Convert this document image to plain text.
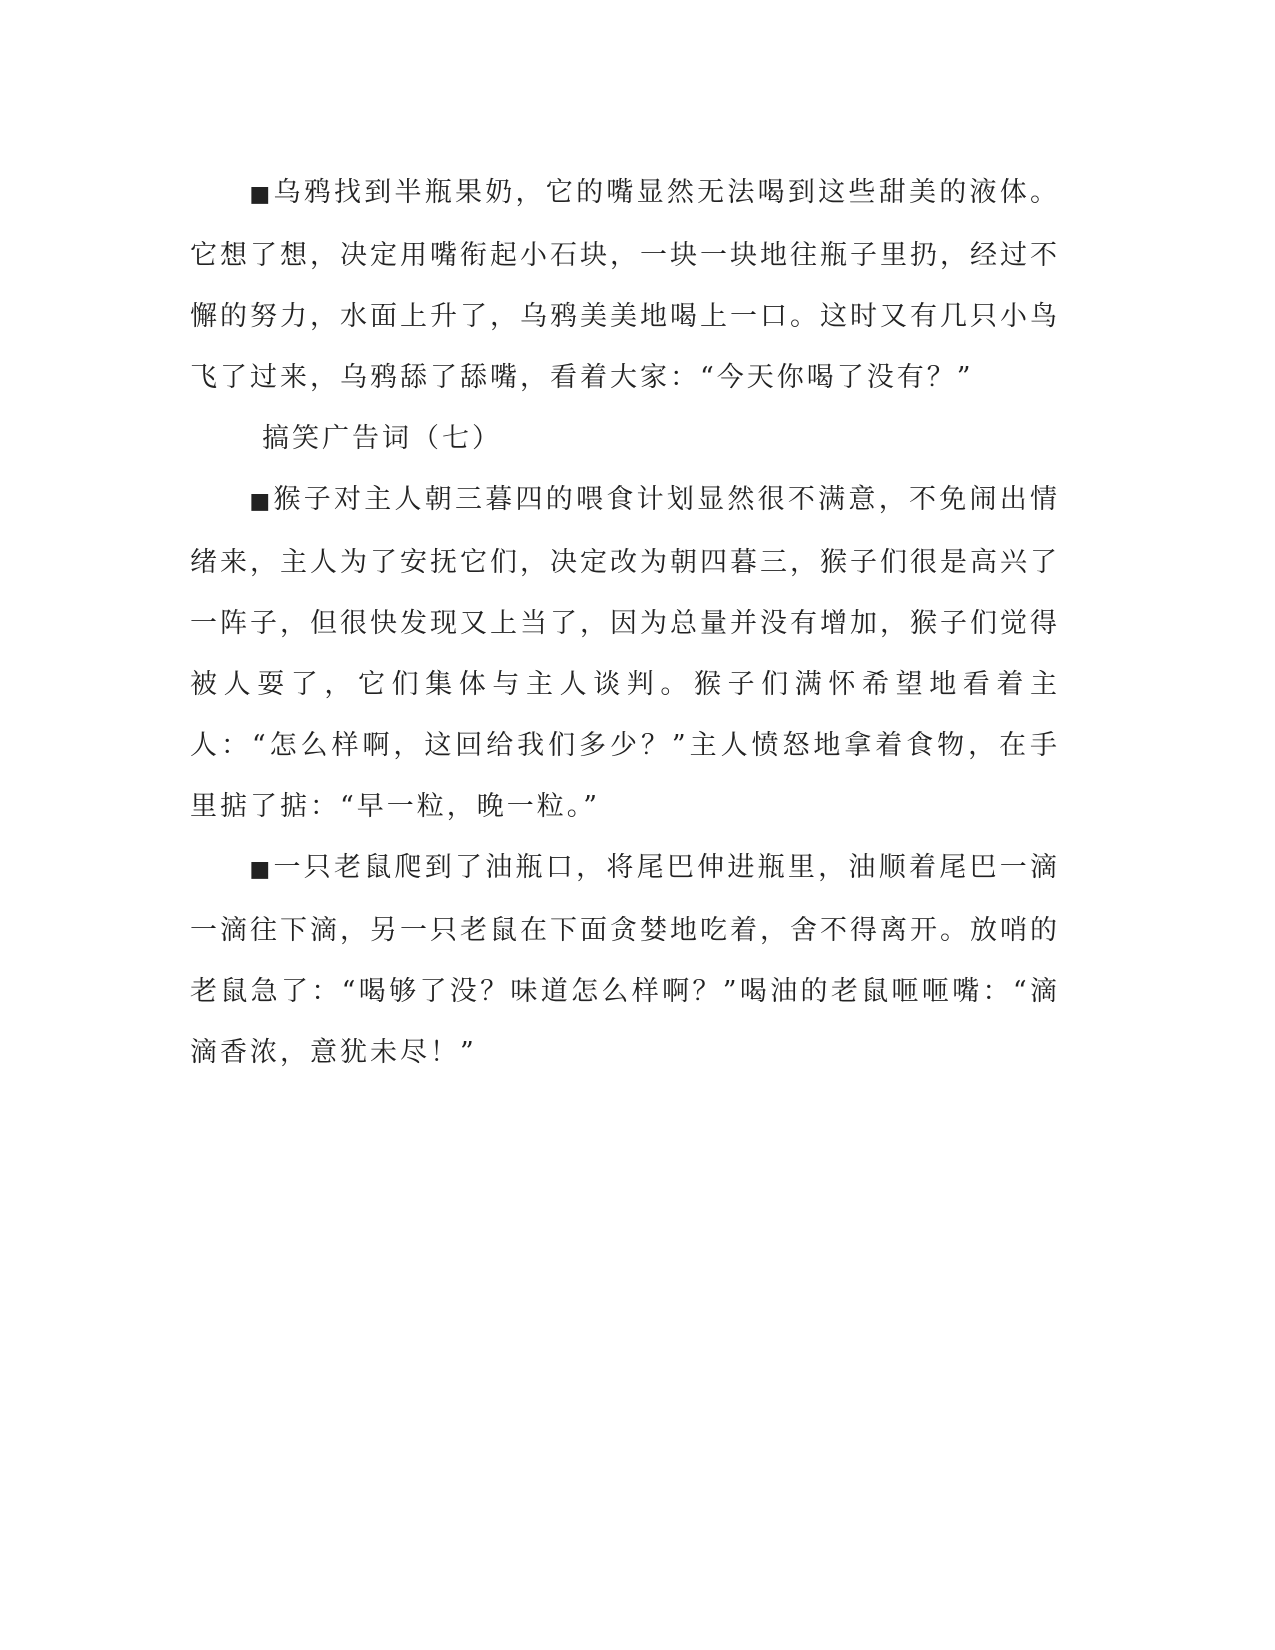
■乌鸦找到半瓶果奶，它的嘴显然无法喝到这些甜美的液体。它想了想，决定用嘴衔起小石块，一块一块地往瓶子里扔，经过不懈的努力，水面上升了，乌鸦美美地喝上一口。这时又有几只小鸟飞了过来，乌鸦舔了舔嘴，看着大家：“今天你喝了没有？”

搞笑广告词（七）

■猴子对主人朝三暮四的喂食计划显然很不满意，不免闹出情绪来，主人为了安抚它们，决定改为朝四暮三，猴子们很是高兴了一阵子，但很快发现又上当了，因为总量并没有增加，猴子们觉得被人耍了，它们集体与主人谈判。猴子们满怀希望地看着主人：“怎么样啊，这回给我们多少？”主人愤怒地拿着食物，在手里掂了掂：“早一粒，晚一粒。”

■一只老鼠爬到了油瓶口，将尾巴伸进瓶里，油顺着尾巴一滴一滴往下滴，另一只老鼠在下面贪婪地吃着，舍不得离开。放哨的老鼠急了：“喝够了没？味道怎么样啊？”喝油的老鼠咂咂嘴：“滴滴香浓，意犹未尽！”
